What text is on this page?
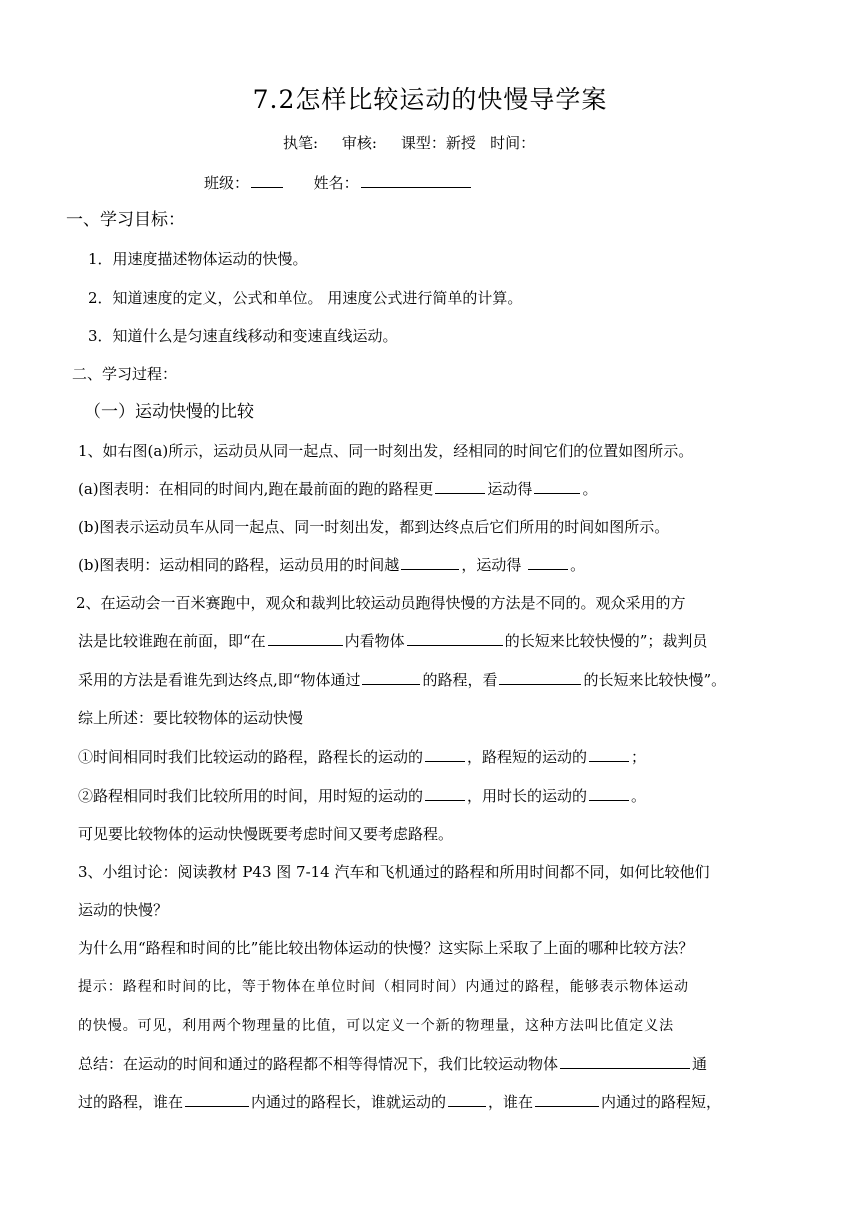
7.2怎样比较运动的快慢导学案
执笔: 审核: 课型：新授 时间：
班级：	姓名：
一、学习目标：
1．用速度描述物体运动的快慢。
2．知道速度的定义，公式和单位。 用速度公式进行简单的计算。
3．知道什么是匀速直线移动和变速直线运动。
二、学习过程：
（一）运动快慢的比较
1、如右图(a)所示，运动员从同一起点、同一时刻出发，经相同的时间它们的位置如图所示。
(a)图表明：在相同的时间内,跑在最前面的跑的路程更	运动得	。
(b)图表示运动员车从同一起点、同一时刻出发，都到达终点后它们所用的时间如图所示。
(b)图表明：运动相同的路程，运动员用的时间越	，运动得	。
2、在运动会一百米赛跑中，观众和裁判比较运动员跑得快慢的方法是不同的。观众采用的方
法是比较谁跑在前面，即“在	内看物体	的长短来比较快慢的”；裁判员
采用的方法是看谁先到达终点,即“物体通过	的路程，看	的长短来比较快慢”。
综上所述：要比较物体的运动快慢
①时间相同时我们比较运动的路程，路程长的运动的	，路程短的运动的	；
②路程相同时我们比较所用的时间，用时短的运动的	，用时长的运动的	。
可见要比较物体的运动快慢既要考虑时间又要考虑路程。
3、小组讨论：阅读教材 P43 图 7-14 汽车和飞机通过的路程和所用时间都不同，如何比较他们
运动的快慢？
为什么用“路程和时间的比”能比较出物体运动的快慢？这实际上采取了上面的哪种比较方法？
提示：路程和时间的比，等于物体在单位时间（相同时间）内通过的路程，能够表示物体运动
的快慢。可见，利用两个物理量的比值，可以定义一个新的物理量，这种方法叫比值定义法
总结：在运动的时间和通过的路程都不相等得情况下，我们比较运动物体	通
过的路程，谁在	内通过的路程长，谁就运动的	，谁在	内通过的路程短，
